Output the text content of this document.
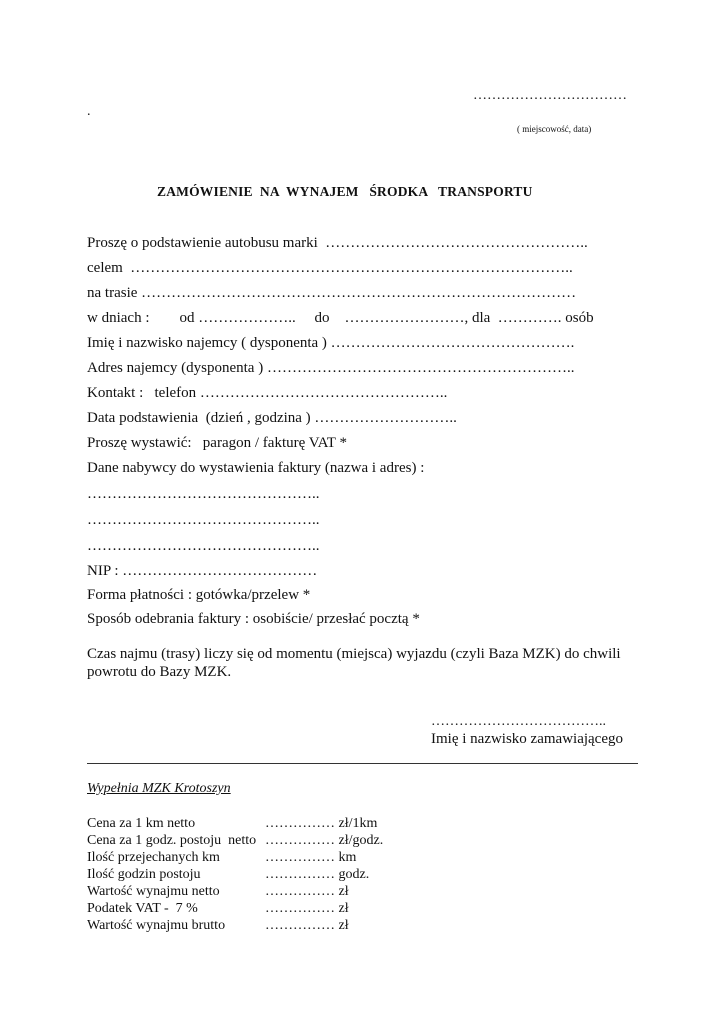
……………………………
.
( miejscowość, data)
ZAMÓWIENIE  NA  WYNAJEM   ŚRODKA   TRANSPORTU
Proszę o podstawienie autobusu marki  ……………………………………………..
celem  ……………………………………………………………………………..
na trasie ……………………………………………………………………………
w dniach :        od ………………..     do    ……………………, dla  …………. osób
Imię i nazwisko najemcy ( dysponenta ) ………………………………………….
Adres najemcy (dysponenta ) ……………………………………………………..
Kontakt :   telefon …………………………………………..
Data podstawienia  (dzień , godzina ) ………………………..
Proszę wystawić:   paragon / fakturę VAT *
Dane nabywcy do wystawienia faktury (nazwa i adres) :
………………………………………..
………………………………………..
………………………………………..
NIP : …………………………………
Forma płatności : gotówka/przelew *
Sposób odebrania faktury : osobiście/ przesłać pocztą *
Czas najmu (trasy) liczy się od momentu (miejsca) wyjazdu (czyli Baza MZK) do chwili
powrotu do Bazy MZK.
………………………………..
Imię i nazwisko zamawiającego
Wypełnia MZK Krotoszyn
Cena za 1 km netto	…………… zł/1km
Cena za 1 godz. postoju  netto …………… zł/godz.
Ilość przejechanych km	…………… km
Ilość godzin postoju	…………… godz.
Wartość wynajmu netto	…………… zł
Podatek VAT -  7 %	…………… zł
Wartość wynajmu brutto	…………… zł
